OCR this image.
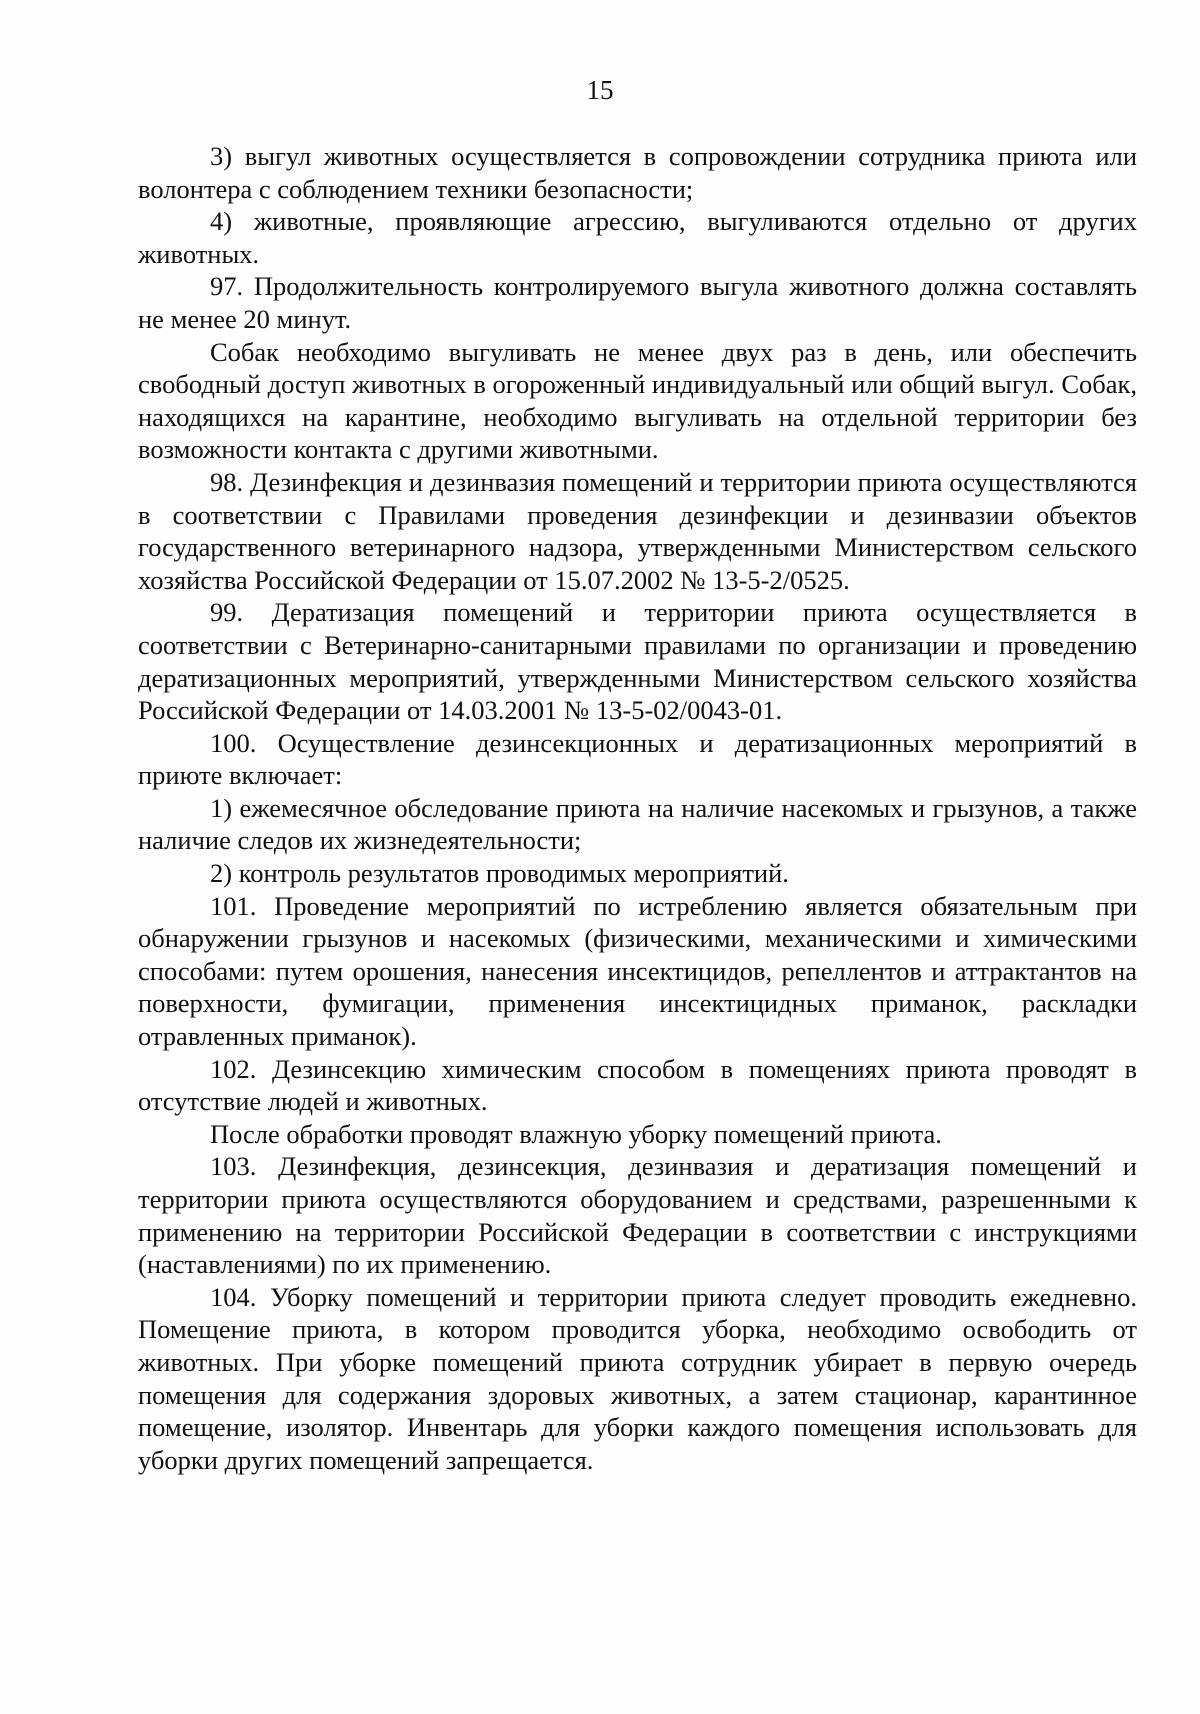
15

3) выгул животных осуществляется в сопровождении сотрудника приюта или волонтера с соблюдением техники безопасности;

4) животные, проявляющие агрессию, выгуливаются отдельно от других животных.

97. Продолжительность контролируемого выгула животного должна составлять не менее 20 минут.

Собак необходимо выгуливать не менее двух раз в день, или обеспечить свободный доступ животных в огороженный индивидуальный или общий выгул. Собак, находящихся на карантине, необходимо выгуливать на отдельной территории без возможности контакта с другими животными.

98. Дезинфекция и дезинвазия помещений и территории приюта осуществляются в соответствии с Правилами проведения дезинфекции и дезинвазии объектов государственного ветеринарного надзора, утвержденными Министерством сельского хозяйства Российской Федерации от 15.07.2002 № 13-5-2/0525.

99. Дератизация помещений и территории приюта осуществляется в соответствии с Ветеринарно-санитарными правилами по организации и проведению дератизационных мероприятий, утвержденными Министерством сельского хозяйства Российской Федерации от 14.03.2001 № 13-5-02/0043-01.

100. Осуществление дезинсекционных и дератизационных мероприятий в приюте включает:

1) ежемесячное обследование приюта на наличие насекомых и грызунов, а также наличие следов их жизнедеятельности;

2) контроль результатов проводимых мероприятий.

101. Проведение мероприятий по истреблению является обязательным при обнаружении грызунов и насекомых (физическими, механическими и химическими способами: путем орошения, нанесения инсектицидов, репеллентов и аттрактантов на поверхности, фумигации, применения инсектицидных приманок, раскладки отравленных приманок).

102. Дезинсекцию химическим способом в помещениях приюта проводят в отсутствие людей и животных.

После обработки проводят влажную уборку помещений приюта.

103. Дезинфекция, дезинсекция, дезинвазия и дератизация помещений и территории приюта осуществляются оборудованием и средствами, разрешенными к применению на территории Российской Федерации в соответствии с инструкциями (наставлениями) по их применению.

104. Уборку помещений и территории приюта следует проводить ежедневно. Помещение приюта, в котором проводится уборка, необходимо освободить от животных. При уборке помещений приюта сотрудник убирает в первую очередь помещения для содержания здоровых животных, а затем стационар, карантинное помещение, изолятор. Инвентарь для уборки каждого помещения использовать для уборки других помещений запрещается.
